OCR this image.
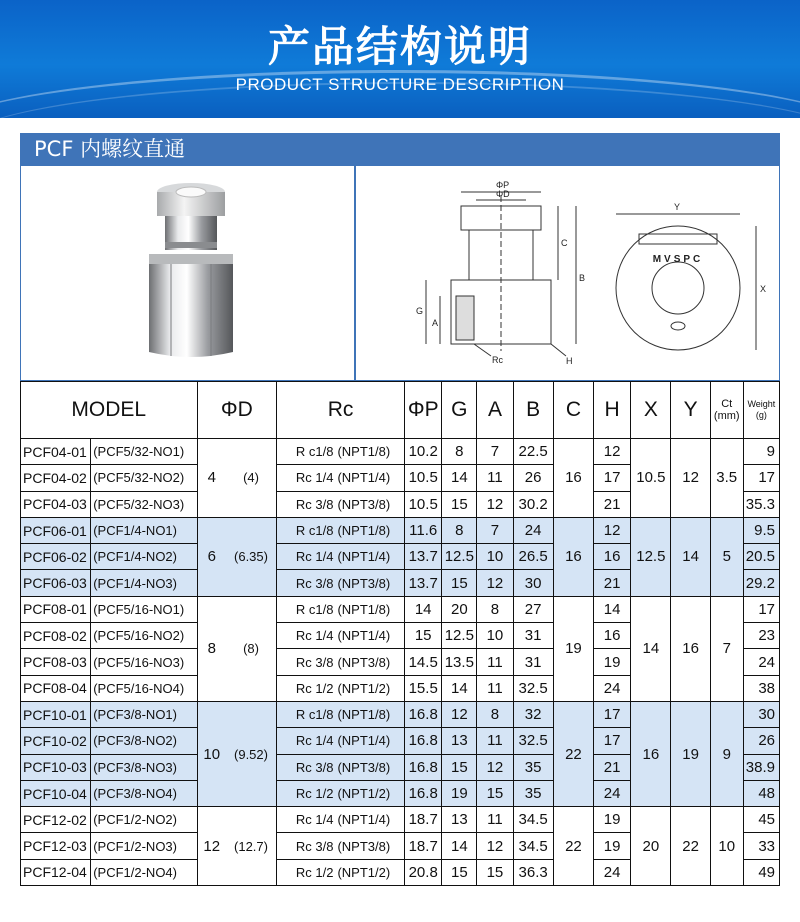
产品结构说明
PRODUCT STRUCTURE DESCRIPTION
PCF 内螺纹直通
ΦP
ΦD
C
B
G
A
Rc	H
Y
X
MVSPC
MODEL		ΦD		Rc		ΦP	G	A	B	C	H	X	Y	Ct
(mm)	Weight
(g)
PCF04-01	(PCF5/32-NO1)	4	(4)	R c1/8	(NPT1/8)	10.2	8	7	22.5	16	12	10.5	12	3.5	9
PCF04-02	(PCF5/32-NO2)			Rc 1/4	(NPT1/4)	10.5	14	11	26		17				17
PCF04-03	(PCF5/32-NO3)			Rc 3/8	(NPT3/8)	10.5	15	12	30.2		21				35.3
PCF06-01	(PCF1/4-NO1)	6	(6.35)	R c1/8	(NPT1/8)	11.6	8	7	24	16	12	12.5	14	5	9.5
PCF06-02	(PCF1/4-NO2)			Rc 1/4	(NPT1/4)	13.7	12.5	10	26.5		16				20.5
PCF06-03	(PCF1/4-NO3)			Rc 3/8	(NPT3/8)	13.7	15	12	30		21				29.2
PCF08-01	(PCF5/16-NO1)	8	(8)	R c1/8	(NPT1/8)	14	20	8	27	19	14	14	16	7	17
PCF08-02	(PCF5/16-NO2)			Rc 1/4	(NPT1/4)	15	12.5	10	31		16				23
PCF08-03	(PCF5/16-NO3)			Rc 3/8	(NPT3/8)	14.5	13.5	11	31		19				24
PCF08-04	(PCF5/16-NO4)			Rc 1/2	(NPT1/2)	15.5	14	11	32.5		24				38
PCF10-01	(PCF3/8-NO1)	10	(9.52)	R c1/8	(NPT1/8)	16.8	12	8	32	22	17	16	19	9	30
PCF10-02	(PCF3/8-NO2)			Rc 1/4	(NPT1/4)	16.8	13	11	32.5		17				26
PCF10-03	(PCF3/8-NO3)			Rc 3/8	(NPT3/8)	16.8	15	12	35		21				38.9
PCF10-04	(PCF3/8-NO4)			Rc 1/2	(NPT1/2)	16.8	19	15	35		24				48
PCF12-02	(PCF1/2-NO2)	12	(12.7)	Rc 1/4	(NPT1/4)	18.7	13	11	34.5	22	19	20	22	10	45
PCF12-03	(PCF1/2-NO3)			Rc 3/8	(NPT3/8)	18.7	14	12	34.5		19				33
PCF12-04	(PCF1/2-NO4)			Rc 1/2	(NPT1/2)	20.8	15	15	36.3		24				49
